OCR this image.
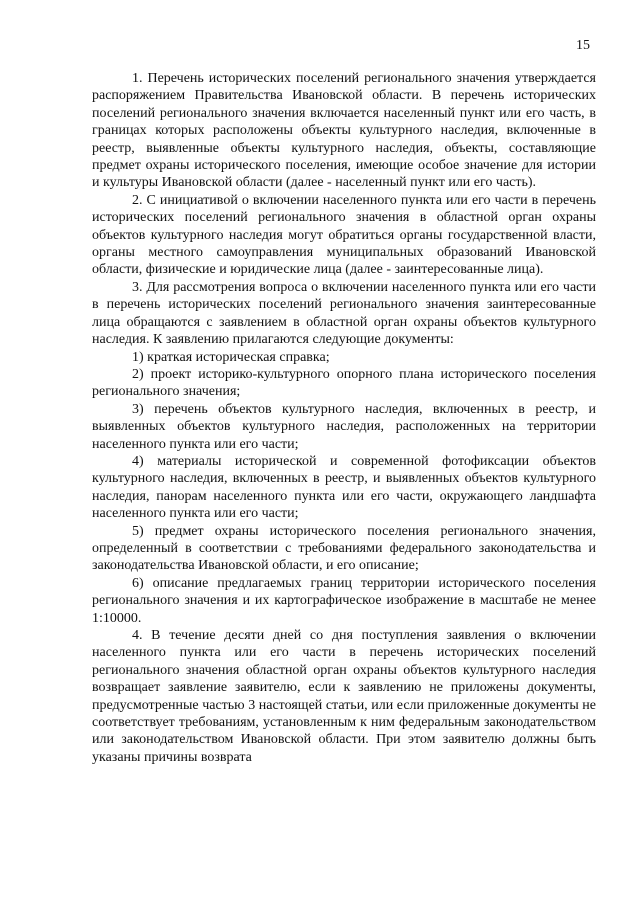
15

1. Перечень исторических поселений регионального значения утверждается распоряжением Правительства Ивановской области. В перечень исторических поселений регионального значения включается населенный пункт или его часть, в границах которых расположены объекты культурного наследия, включенные в реестр, выявленные объекты культурного наследия, объекты, составляющие предмет охраны исторического поселения, имеющие особое значение для истории и культуры Ивановской области (далее - населенный пункт или его часть).

2. С инициативой о включении населенного пункта или его части в перечень исторических поселений регионального значения в областной орган охраны объектов культурного наследия могут обратиться органы государственной власти, органы местного самоуправления муниципальных образований Ивановской области, физические и юридические лица (далее - заинтересованные лица).

3. Для рассмотрения вопроса о включении населенного пункта или его части в перечень исторических поселений регионального значения заинтересованные лица обращаются с заявлением в областной орган охраны объектов культурного наследия. К заявлению прилагаются следующие документы:

1) краткая историческая справка;

2) проект историко-культурного опорного плана исторического поселения регионального значения;

3) перечень объектов культурного наследия, включенных в реестр, и выявленных объектов культурного наследия, расположенных на территории населенного пункта или его части;

4) материалы исторической и современной фотофиксации объектов культурного наследия, включенных в реестр, и выявленных объектов культурного наследия, панорам населенного пункта или его части, окружающего ландшафта населенного пункта или его части;

5) предмет охраны исторического поселения регионального значения, определенный в соответствии с требованиями федерального законодательства и законодательства Ивановской области, и его описание;

6) описание предлагаемых границ территории исторического поселения регионального значения и их картографическое изображение в масштабе не менее 1:10000.

4. В течение десяти дней со дня поступления заявления о включении населенного пункта или его части в перечень исторических поселений регионального значения областной орган охраны объектов культурного наследия возвращает заявление заявителю, если к заявлению не приложены документы, предусмотренные частью 3 настоящей статьи, или если приложенные документы не соответствует требованиям, установленным к ним федеральным законодательством или законодательством Ивановской области. При этом заявителю должны быть указаны причины возврата
